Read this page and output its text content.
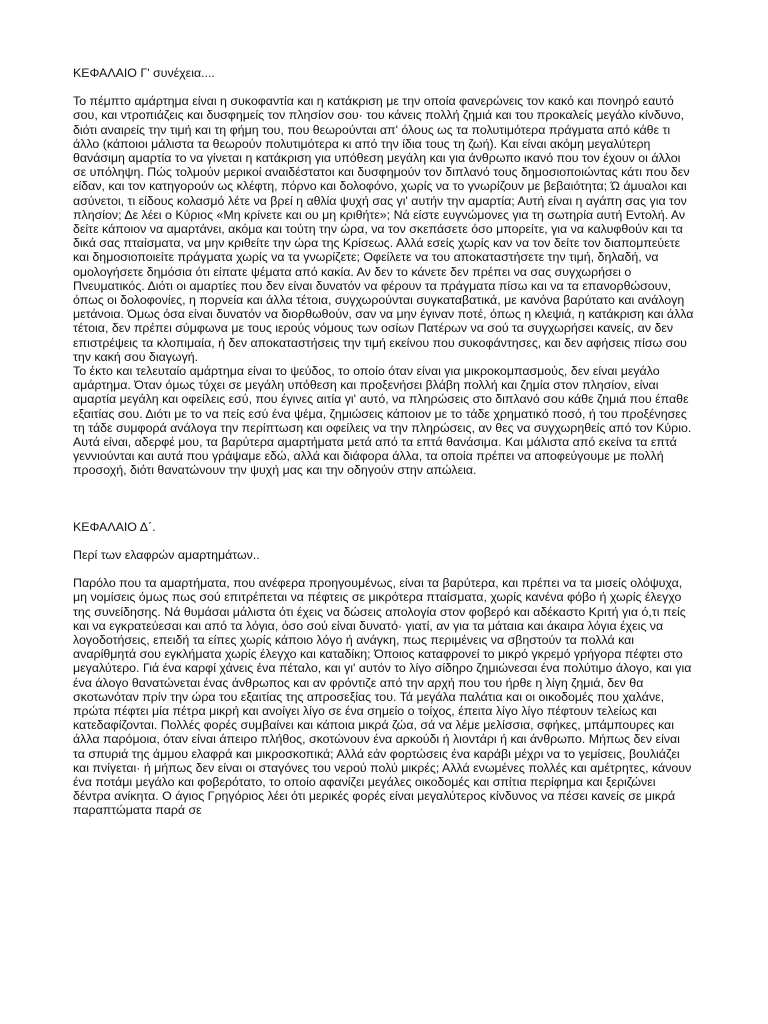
ΚΕΦΑΛΑΙΟ Γ' συνέχεια....

Το πέμπτο αμάρτημα είναι η συκοφαντία και η κατάκριση με την οποία φανερώνεις τον κακό και πονηρό εαυτό σου, και ντροπιάζεις και δυσφημείς τον πλησίον σου· του κάνεις πολλή ζημιά και του προκαλείς μεγάλο κίνδυνο, διότι αναιρείς την τιμή και τη φήμη του, που θεωρούνται απ' όλους ως τα πολυτιμότερα πράγματα από κάθε τι άλλο (κάποιοι μάλιστα τα θεωρούν πολυτιμότερα κι από την ίδια τους τη ζωή). Και είναι ακόμη μεγαλύτερη θανάσιμη αμαρτία το να γίνεται η κατάκριση για υπόθεση μεγάλη και για άνθρωπο ικανό που τον έχουν οι άλλοι σε υπόληψη. Πώς τολμούν μερικοί αναιδέστατοι και δυσφημούν τον διπλανό τους δημοσιοποιώντας κάτι που δεν είδαν, και τον κατηγορούν ως κλέφτη, πόρνο και δολοφόνο, χωρίς να το γνωρίζουν με βεβαιότητα; Ώ άμυαλοι και ασύνετοι, τι είδους κολασμό λέτε να βρεί η αθλία ψυχή σας γι' αυτήν την αμαρτία; Αυτή είναι η αγάπη σας για τον πλησίον; Δε λέει ο Κύριος «Μη κρίνετε και ου μη κριθήτε»; Νά είστε ευγνώμονες για τη σωτηρία αυτή Εντολή. Αν δείτε κάποιον να αμαρτάνει, ακόμα και τούτη την ώρα, να τον σκεπάσετε όσο μπορείτε, για να καλυφθούν και τα δικά σας πταίσματα, να μην κριθείτε την ώρα της Κρίσεως. Αλλά εσείς χωρίς καν να τον δείτε τον διαπομπεύετε και δημοσιοποιείτε πράγματα χωρίς να τα γνωρίζετε; Οφείλετε να του αποκαταστήσετε την τιμή, δηλαδή, να ομολογήσετε δημόσια ότι είπατε ψέματα από κακία. Αν δεν το κάνετε δεν πρέπει να σας συγχωρήσει ο Πνευματικός. Διότι οι αμαρτίες που δεν είναι δυνατόν να φέρουν τα πράγματα πίσω και να τα επανορθώσουν, όπως οι δολοφονίες, η πορνεία και άλλα τέτοια, συγχωρούνται συγκαταβατικά, με κανόνα βαρύτατο και ανάλογη μετάνοια. Όμως όσα είναι δυνατόν να διορθωθούν, σαν να μην έγιναν ποτέ, όπως η κλεψιά, η κατάκριση και άλλα τέτοια, δεν πρέπει σύμφωνα με τους ιερούς νόμους των οσίων Πατέρων να σού τα συγχωρήσει κανείς, αν δεν επιστρέψεις τα κλοπιμαία, ή δεν αποκαταστήσεις την τιμή εκείνου που συκοφάντησες, και δεν αφήσεις πίσω σου την κακή σου διαγωγή.

Το έκτο και τελευταίο αμάρτημα είναι το ψεύδος, το οποίο όταν είναι για μικροκομπασμούς, δεν είναι μεγάλο αμάρτημα. Όταν όμως τύχει σε μεγάλη υπόθεση και προξενήσει βλάβη πολλή και ζημία στον πλησίον, είναι αμαρτία μεγάλη και οφείλεις εσύ, που έγινες αιτία γι' αυτό, να πληρώσεις στο διπλανό σου κάθε ζημιά που έπαθε εξαιτίας σου. Διότι με το να πείς εσύ ένα ψέμα, ζημιώσεις κάποιον με το τάδε χρηματικό ποσό, ή του προξένησες τη τάδε συμφορά ανάλογα την περίπτωση και οφείλεις να την πληρώσεις, αν θες να συγχωρηθείς από τον Κύριο.

Αυτά είναι, αδερφέ μου, τα βαρύτερα αμαρτήματα μετά από τα επτά θανάσιμα. Και μάλιστα από εκείνα τα επτά γεννιούνται και αυτά που γράψαμε εδώ, αλλά και διάφορα άλλα, τα οποία πρέπει να αποφεύγουμε με πολλή προσοχή, διότι θανατώνουν την ψυχή μας και την οδηγούν στην απώλεια.

ΚΕΦΑΛΑΙΟ Δ΄.

Περί των ελαφρών αμαρτημάτων..

Παρόλο που τα αμαρτήματα, που ανέφερα προηγουμένως, είναι τα βαρύτερα, και πρέπει να τα μισείς ολόψυχα, μη νομίσεις όμως πως σού επιτρέπεται να πέφτεις σε μικρότερα πταίσματα, χωρίς κανένα φόβο ή χωρίς έλεγχο της συνείδησης. Νά θυμάσαι μάλιστα ότι έχεις να δώσεις απολογία στον φοβερό και αδέκαστο Κριτή για ό,τι πείς και να εγκρατεύεσαι και από τα λόγια, όσο σού είναι δυνατό· γιατί, αν για τα μάταια και άκαιρα λόγια έχεις να λογοδοτήσεις, επειδή τα είπες χωρίς κάποιο λόγο ή ανάγκη, πως περιμένεις να σβηστούν τα πολλά και αναρίθμητά σου εγκλήματα χωρίς έλεγχο και καταδίκη; Όποιος καταφρονεί το μικρό γκρεμό γρήγορα πέφτει στο μεγαλύτερο. Γιά ένα καρφί χάνεις ένα πέταλο, και γι' αυτόν το λίγο σίδηρο ζημιώνεσαι ένα πολύτιμο άλογο, και για ένα άλογο θανατώνεται ένας άνθρωπος και αν φρόντιζε από την αρχή που του ήρθε η λίγη ζημιά, δεν θα σκοτωνόταν πρίν την ώρα του εξαιτίας της απροσεξίας του. Τά μεγάλα παλάτια και οι οικοδομές που χαλάνε, πρώτα πέφτει μία πέτρα μικρή και ανοίγει λίγο σε ένα σημείο ο τοίχος, έπειτα λίγο λίγο πέφτουν τελείως και κατεδαφίζονται. Πολλές φορές συμβαίνει και κάποια μικρά ζώα, σά να λέμε μελίσσια, σφήκες, μπάμπουρες και άλλα παρόμοια, όταν είναι άπειρο πλήθος, σκοτώνουν ένα αρκούδι ή λιοντάρι ή και άνθρωπο. Μήπως δεν είναι τα σπυριά της άμμου ελαφρά και μικροσκοπικά; Αλλά εάν φορτώσεις ένα καράβι μέχρι να το γεμίσεις, βουλιάζει και πνίγεται· ή μήπως δεν είναι οι σταγόνες του νερού πολύ μικρές; Αλλά ενωμένες πολλές και αμέτρητες, κάνουν ένα ποτάμι μεγάλο και φοβερότατο, το οποίο αφανίζει μεγάλες οικοδομές και σπίτια περίφημα και ξεριζώνει δέντρα ανίκητα. Ο άγιος Γρηγόριος λέει ότι μερικές φορές είναι μεγαλύτερος κίνδυνος να πέσει κανείς σε μικρά παραπτώματα παρά σε
